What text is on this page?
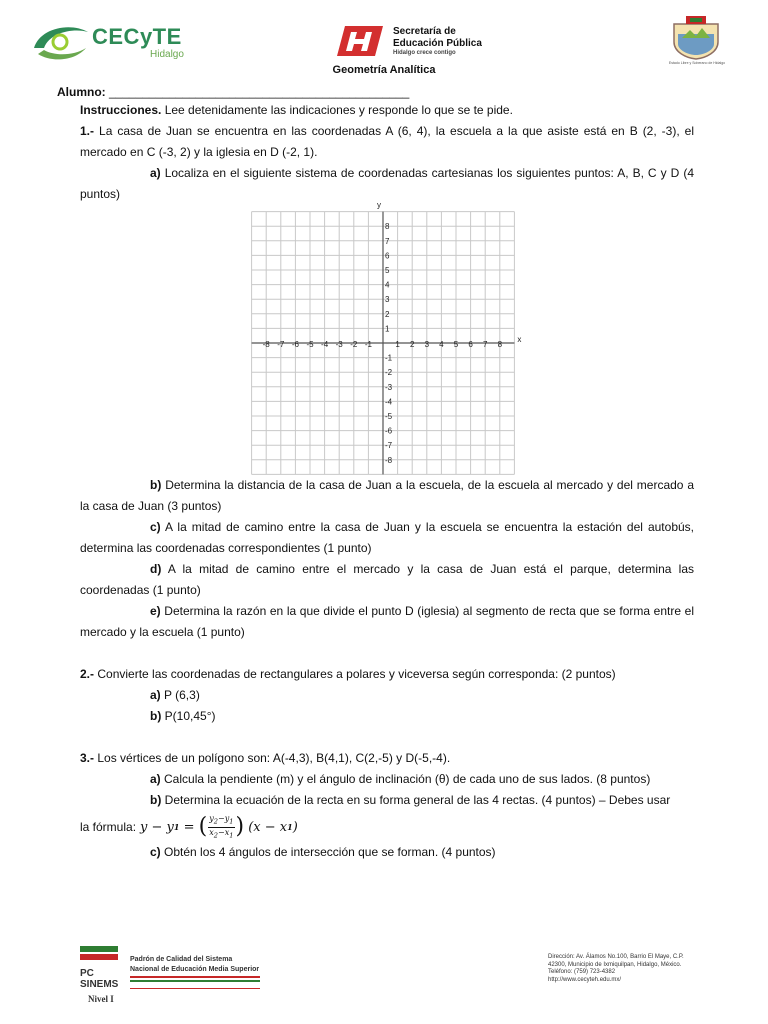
CECyTE
Hidalgo
Secretaría de
Educación Pública
Hidalgo crece contigo
Estado Libre y Soberano de Hidalgo
Geometría Analítica
Alumno: _____________________________________________
Instrucciones. Lee detenidamente las indicaciones y responde lo que se te pide.
1.- La casa de Juan se encuentra en las coordenadas A (6, 4), la escuela a la que asiste está en B (2, -3), el mercado en C (-3, 2) y la iglesia en D (-2, 1).
a) Localiza en el siguiente sistema de coordenadas cartesianas los siguientes puntos: A, B, C y D (4 puntos)
-8 -7 -6 -5 -4 -3 -2 -1	1 2 3 4 5 6 7 8
8
7
6
5
4
3
2
1
-1
-2
-3
-4
-5
-6
-7
-8
x
y
b) Determina la distancia de la casa de Juan a la escuela, de la escuela al mercado y del mercado a la casa de Juan (3 puntos)
c) A la mitad de camino entre la casa de Juan y la escuela se encuentra la estación del autobús, determina las coordenadas correspondientes (1 punto)
d) A la mitad de camino entre el mercado y la casa de Juan está el parque, determina las coordenadas (1 punto)
e) Determina la razón en la que divide el punto D (iglesia) al segmento de recta que se forma entre el mercado y la escuela (1 punto)
2.- Convierte las coordenadas de rectangulares a polares y viceversa según corresponda: (2 puntos)
a) P (6,3)
b) P(10,45°)
3.- Los vértices de un polígono son: A(-4,3), B(4,1), C(2,-5) y D(-5,-4).
a) Calcula la pendiente (m) y el ángulo de inclinación (θ) de cada uno de sus lados. (8 puntos)
b) Determina la ecuación de la recta en su forma general de las 4 rectas. (4 puntos) – Debes usar
la fórmula: y − y 1 = ( $\frac{y_2-y_1}{x_2-x_1}$ ) (x − x 1 )
c) Obtén los 4 ángulos de intersección que se forman. (4 puntos)
PC
SINEMS
Nivel I
Padrón de Calidad del Sistema
Nacional de Educación Media Superior
Dirección: Av. Álamos No.100, Barrio El Maye, C.P.
42300, Municipio de Ixmiquilpan, Hidalgo, México.
Teléfono: (759) 723-4382
http://www.cecyteh.edu.mx/
